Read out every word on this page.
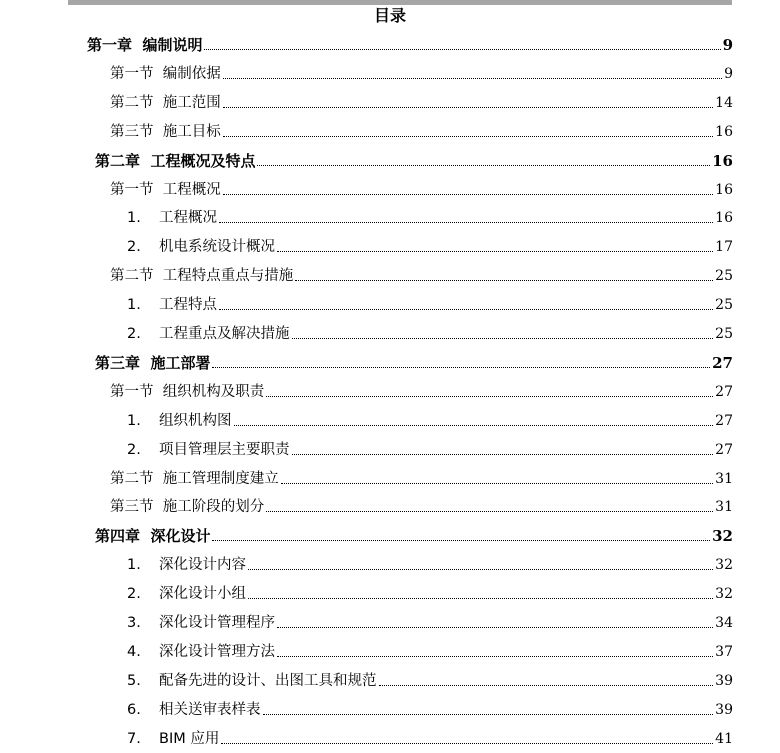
目录
第一章  编制说明	9
第一节  编制依据	9
第二节  施工范围	14
第三节  施工目标	16
第二章  工程概况及特点	16
第一节  工程概况	16
1. 工程概况	16
2. 机电系统设计概况	17
第二节  工程特点重点与措施	25
1. 工程特点	25
2. 工程重点及解决措施	25
第三章  施工部署	27
第一节  组织机构及职责	27
1. 组织机构图	27
2. 项目管理层主要职责	27
第二节  施工管理制度建立	31
第三节  施工阶段的划分	31
第四章  深化设计	32
1. 深化设计内容	32
2. 深化设计小组	32
3. 深化设计管理程序	34
4. 深化设计管理方法	37
5. 配备先进的设计、出图工具和规范	39
6. 相关送审表样表	39
7. BIM 应用	41
